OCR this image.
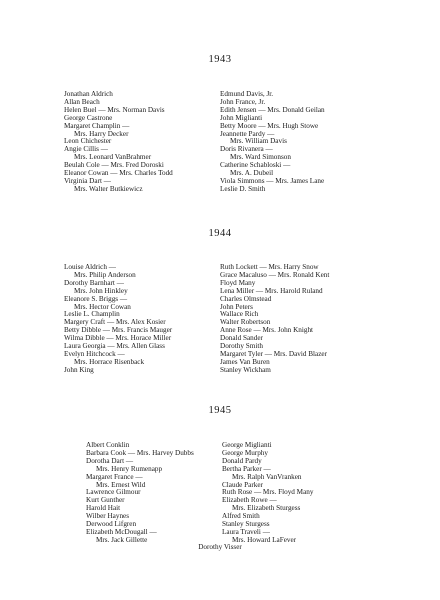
1943
Jonathan Aldrich
Allan Beach
Helen Buel — Mrs. Norman Davis
George Castrone
Margaret Champlin —
Mrs. Harry Decker
Leon Chichester
Angie Cillis —
Mrs. Leonard VanBrahmer
Beulah Cole — Mrs. Fred Doroski
Eleanor Cowan — Mrs. Charles Todd
Virginia Dart —
Mrs. Walter Butkiewicz
Edmund Davis, Jr.
John France, Jr.
Edith Jensen — Mrs. Donald Geilan
John Miglianti
Betty Moore — Mrs. Hugh Stowe
Jeannette Pardy —
Mrs. William Davis
Doris Rivanera —
Mrs. Ward Simonson
Catherine Schabloski —
Mrs. A. Dubeil
Viola Simmons — Mrs. James Lane
Leslie D. Smith
1944
Louise Aldrich —
Mrs. Philip Anderson
Dorothy Barnhart —
Mrs. John Hinkley
Eleanore S. Briggs —
Mrs. Hector Cowan
Leslie L. Champlin
Margery Craft — Mrs. Alex Kosier
Betty Dibble — Mrs. Francis Mauger
Wilma Dibble — Mrs. Horace Miller
Laura Georgia — Mrs. Allen Glass
Evelyn Hitchcock —
Mrs. Horrace Risenback
John King
Ruth Lockett — Mrs. Harry Snow
Grace Macaluso — Mrs. Ronald Kent
Floyd Many
Lena Miller — Mrs. Harold Ruland
Charles Olmstead
John Peters
Wallace Rich
Walter Robertson
Anne Rose — Mrs. John Knight
Donald Sander
Dorothy Smith
Margaret Tyler — Mrs. David Blazer
James Van Buren
Stanley Wickham
1945
Albert Conklin
Barbara Cook — Mrs. Harvey Dubbs
Dorotha Dart —
Mrs. Henry Rumenapp
Margaret France —
Mrs. Ernest Wild
Lawrence Gilmour
Kurt Gunther
Harold Hait
Wilber Haynes
Derwood Lifgren
Elizabeth McDougall —
Mrs. Jack Gillette
George Miglianti
George Murphy
Donald Pardy
Bertha Parker —
Mrs. Ralph VanVranken
Claude Parker
Ruth Rose — Mrs. Floyd Many
Elizabeth Rowe —
Mrs. Elizabeth Sturgess
Alfred Smith
Stanley Sturgess
Laura Traveli —
Mrs. Howard LaFever
Dorothy Visser
